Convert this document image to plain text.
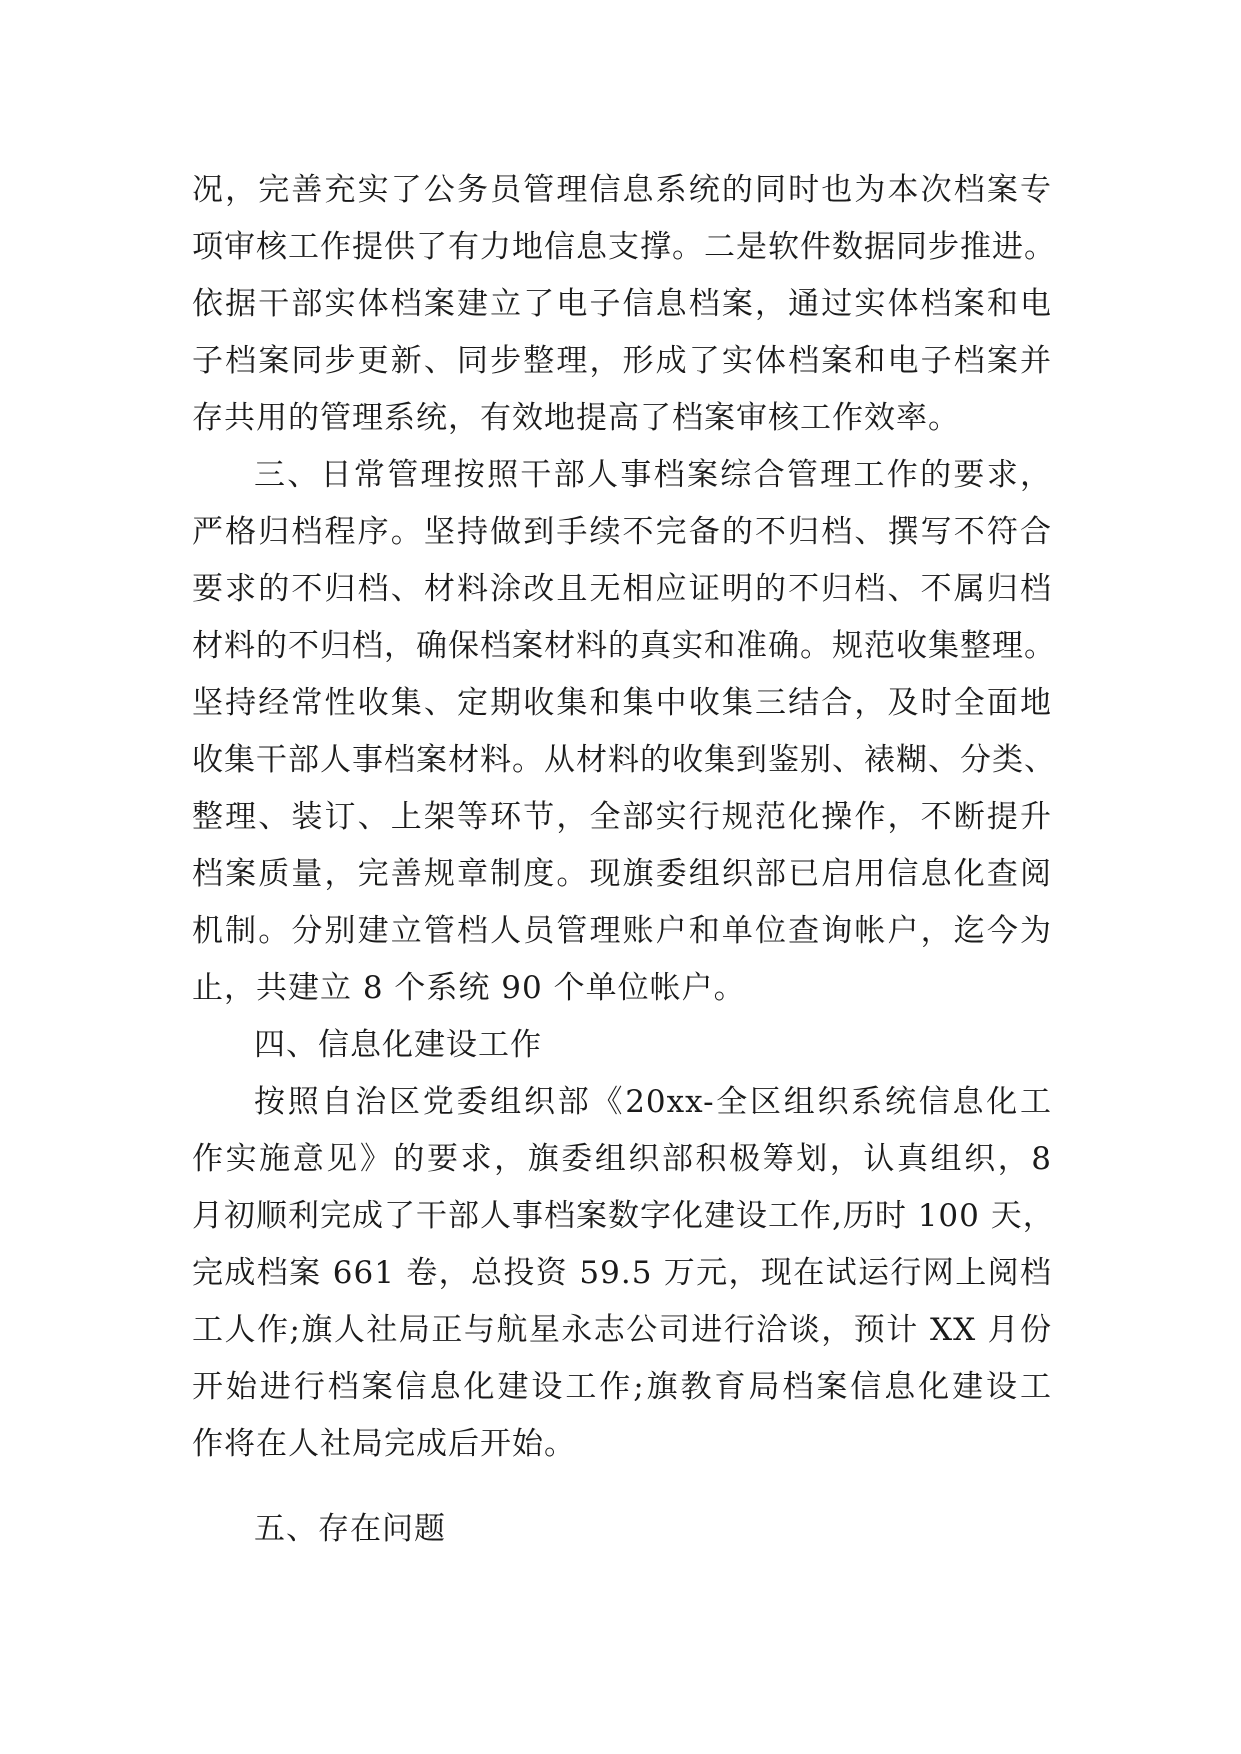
况，完善充实了公务员管理信息系统的同时也为本次档案专
项审核工作提供了有力地信息支撑。二是软件数据同步推进。
依据干部实体档案建立了电子信息档案，通过实体档案和电
子档案同步更新、同步整理，形成了实体档案和电子档案并
存共用的管理系统，有效地提高了档案审核工作效率。
三、日常管理按照干部人事档案综合管理工作的要求，
严格归档程序。坚持做到手续不完备的不归档、撰写不符合
要求的不归档、材料涂改且无相应证明的不归档、不属归档
材料的不归档，确保档案材料的真实和准确。规范收集整理。
坚持经常性收集、定期收集和集中收集三结合，及时全面地
收集干部人事档案材料。从材料的收集到鉴别、裱糊、分类、
整理、装订、上架等环节，全部实行规范化操作，不断提升
档案质量，完善规章制度。现旗委组织部已启用信息化查阅
机制。分别建立管档人员管理账户和单位查询帐户，迄今为
止，共建立 8 个系统 90 个单位帐户。
四、信息化建设工作
按照自治区党委组织部《20xx-全区组织系统信息化工
作实施意见》的要求，旗委组织部积极筹划，认真组织，8
月初顺利完成了干部人事档案数字化建设工作,历时 100 天，
完成档案 661 卷，总投资 59.5 万元，现在试运行网上阅档
工人作;旗人社局正与航星永志公司进行洽谈，预计 XX 月份
开始进行档案信息化建设工作;旗教育局档案信息化建设工
作将在人社局完成后开始。
五、存在问题
